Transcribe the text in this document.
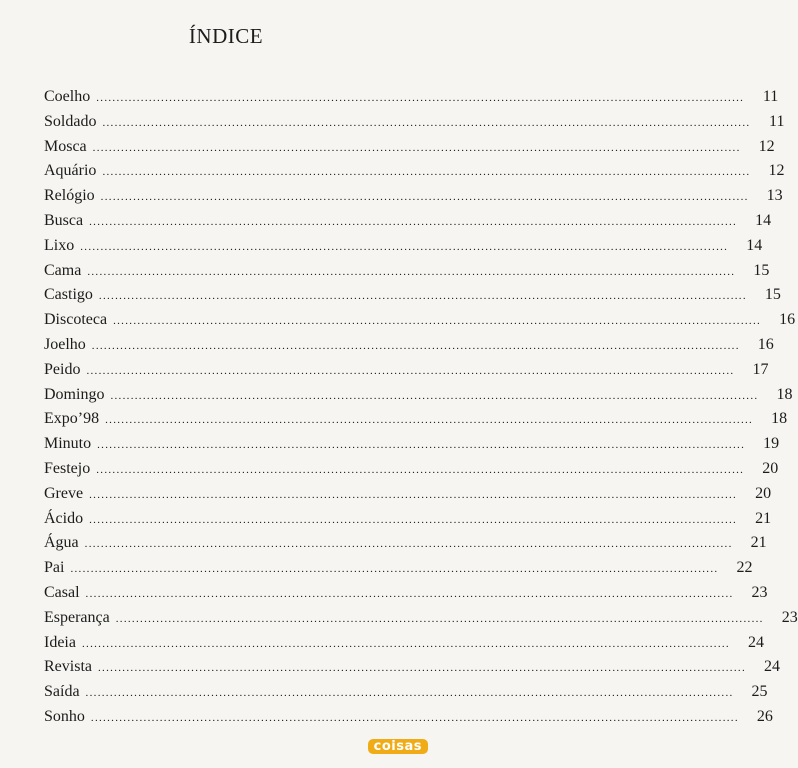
ÍNDICE
Coelho ................................................................................................................................................................	11
Soldado ................................................................................................................................................................	11
Mosca ................................................................................................................................................................	12
Aquário ................................................................................................................................................................	12
Relógio ................................................................................................................................................................	13
Busca ................................................................................................................................................................	14
Lixo ................................................................................................................................................................	14
Cama ................................................................................................................................................................	15
Castigo ................................................................................................................................................................	15
Discoteca ................................................................................................................................................................	16
Joelho ................................................................................................................................................................	16
Peido ................................................................................................................................................................	17
Domingo ................................................................................................................................................................	18
Expo’98 ................................................................................................................................................................	18
Minuto ................................................................................................................................................................	19
Festejo ................................................................................................................................................................	20
Greve ................................................................................................................................................................	20
Ácido ................................................................................................................................................................	21
Água ................................................................................................................................................................	21
Pai ................................................................................................................................................................	22
Casal ................................................................................................................................................................	23
Esperança ................................................................................................................................................................	23
Ideia ................................................................................................................................................................	24
Revista ................................................................................................................................................................	24
Saída ................................................................................................................................................................	25
Sonho ................................................................................................................................................................	26
coisas
